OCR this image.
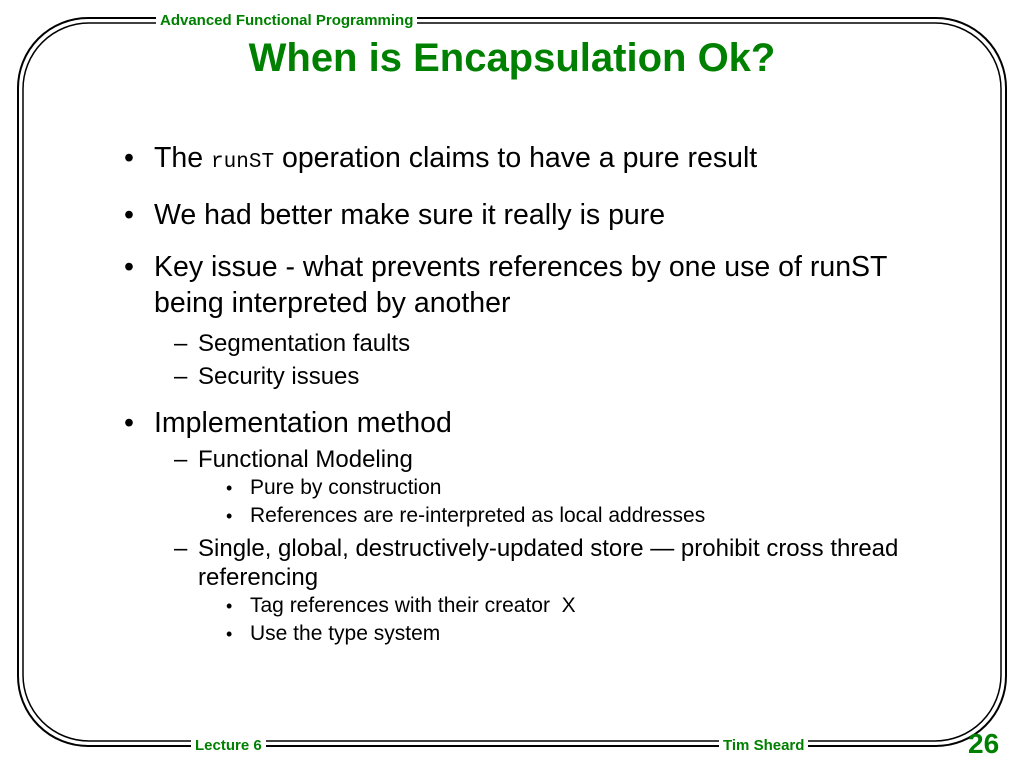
Advanced Functional Programming
When is Encapsulation Ok?
• The runST operation claims to have a pure result
• We had better make sure it really is pure
• Key issue - what prevents references by one use of runST being interpreted by another
– Segmentation faults
– Security issues
• Implementation method
– Functional Modeling
• Pure by construction
• References are re-interpreted as local addresses
– Single, global, destructively-updated store — prohibit cross thread referencing
• Tag references with their creator  X
• Use the type system
Lecture 6	Tim Sheard	26
